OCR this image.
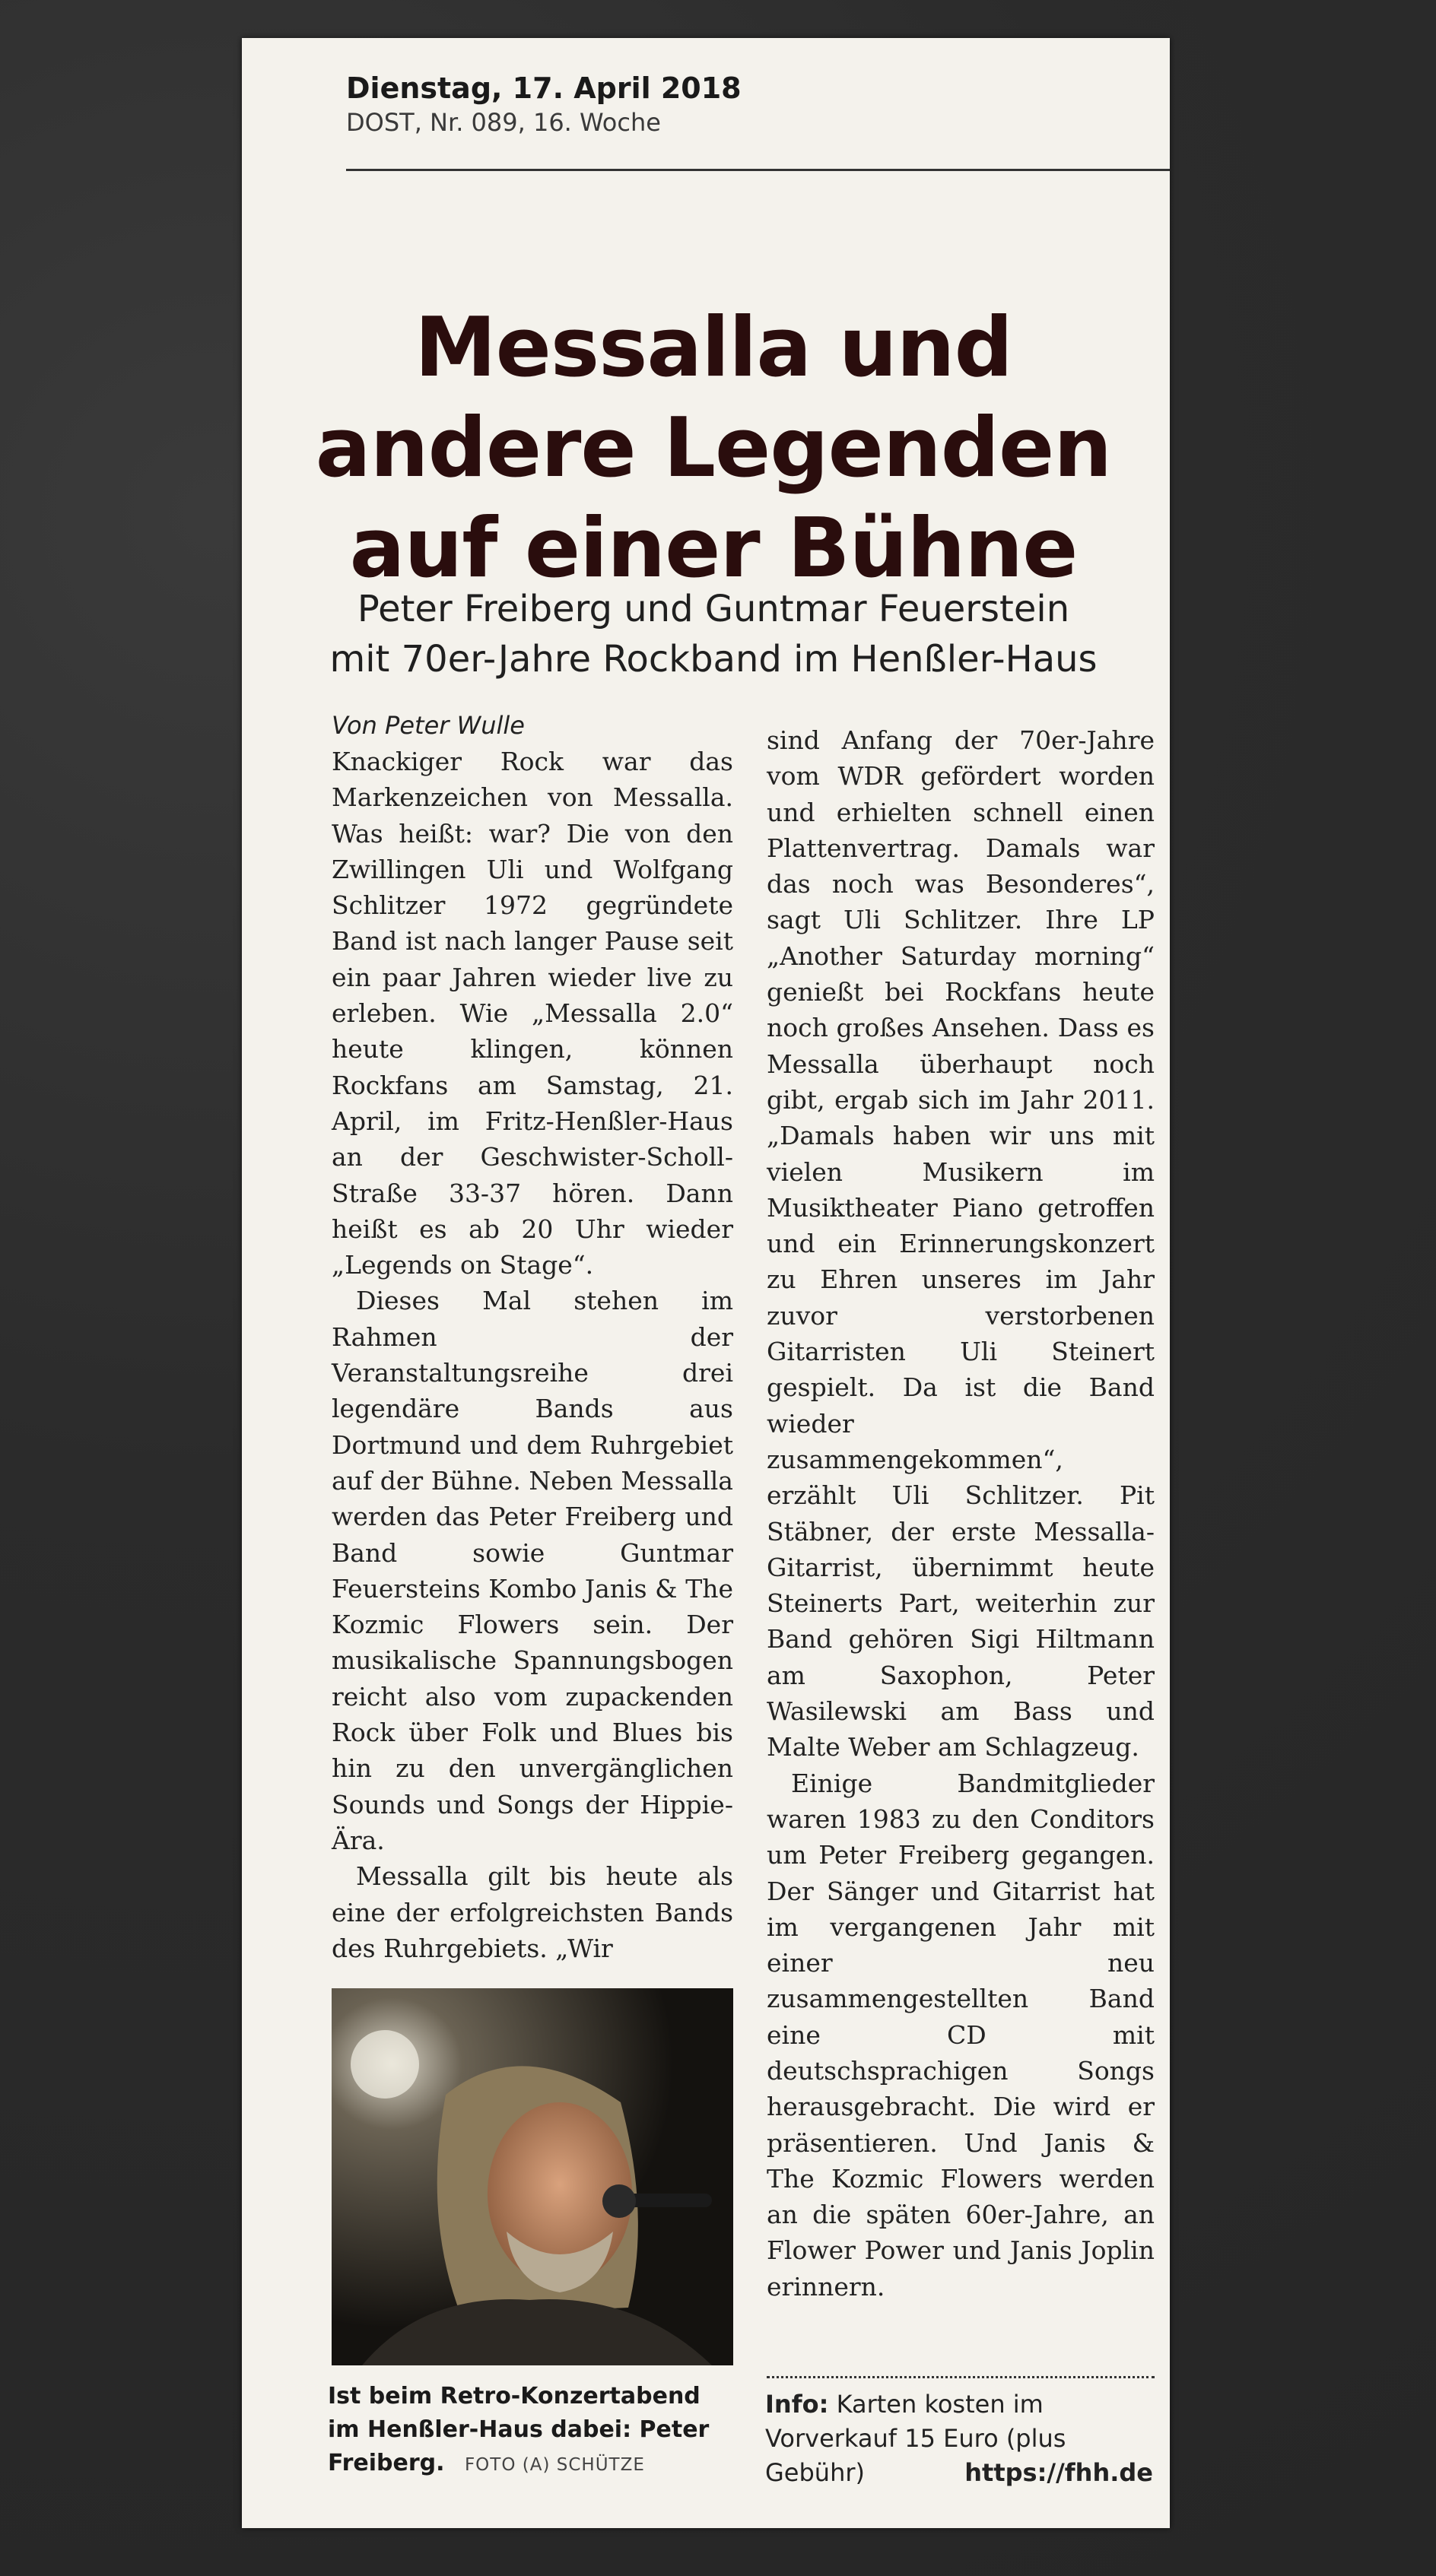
Dienstag, 17. April 2018

DOST, Nr. 089, 16. Woche

Messalla und
andere Legenden
auf einer Bühne
Peter Freiberg und Guntmar Feuerstein
mit 70er-Jahre Rockband im Henßler-Haus

Von Peter Wulle

Knackiger Rock war das Markenzeichen von Messalla. Was heißt: war? Die von den Zwillingen Uli und Wolfgang Schlitzer 1972 gegründete Band ist nach langer Pause seit ein paar Jahren wieder live zu erleben. Wie „Messalla 2.0“ heute klingen, können Rockfans am Samstag, 21. April, im Fritz-Henßler-Haus an der Geschwister-Scholl-Straße 33-37 hören. Dann heißt es ab 20 Uhr wieder „Legends on Stage“.

Dieses Mal stehen im Rahmen der Veranstaltungsreihe drei legendäre Bands aus Dortmund und dem Ruhrgebiet auf der Bühne. Neben Messalla werden das Peter Freiberg und Band sowie Guntmar Feuersteins Kombo Janis & The Kozmic Flowers sein. Der musikalische Spannungsbogen reicht also vom zupackenden Rock über Folk und Blues bis hin zu den unvergänglichen Sounds und Songs der Hippie-Ära.

Messalla gilt bis heute als eine der erfolgreichsten Bands des Ruhrgebiets. „Wir

sind Anfang der 70er-Jahre vom WDR gefördert worden und erhielten schnell einen Plattenvertrag. Damals war das noch was Besonderes“, sagt Uli Schlitzer. Ihre LP „Another Saturday morning“ genießt bei Rockfans heute noch großes Ansehen. Dass es Messalla überhaupt noch gibt, ergab sich im Jahr 2011. „Damals haben wir uns mit vielen Musikern im Musiktheater Piano getroffen und ein Erinnerungskonzert zu Ehren unseres im Jahr zuvor verstorbenen Gitarristen Uli Steinert gespielt. Da ist die Band wieder zusammengekommen“, erzählt Uli Schlitzer. Pit Stäbner, der erste Messalla-Gitarrist, übernimmt heute Steinerts Part, weiterhin zur Band gehören Sigi Hiltmann am Saxophon, Peter Wasilewski am Bass und Malte Weber am Schlagzeug.

Einige Bandmitglieder waren 1983 zu den Conditors um Peter Freiberg gegangen. Der Sänger und Gitarrist hat im vergangenen Jahr mit einer neu zusammengestellten Band eine CD mit deutschsprachigen Songs herausgebracht. Die wird er präsentieren. Und Janis & The Kozmic Flowers werden an die späten 60er-Jahre, an Flower Power und Janis Joplin erinnern.

Ist beim Retro-Konzertabend im Henßler-Haus dabei: Peter Freiberg. FOTO (A) SCHÜTZE
Info: Karten kosten im Vorverkauf 15 Euro (plus Gebühr)	https://fhh.de
